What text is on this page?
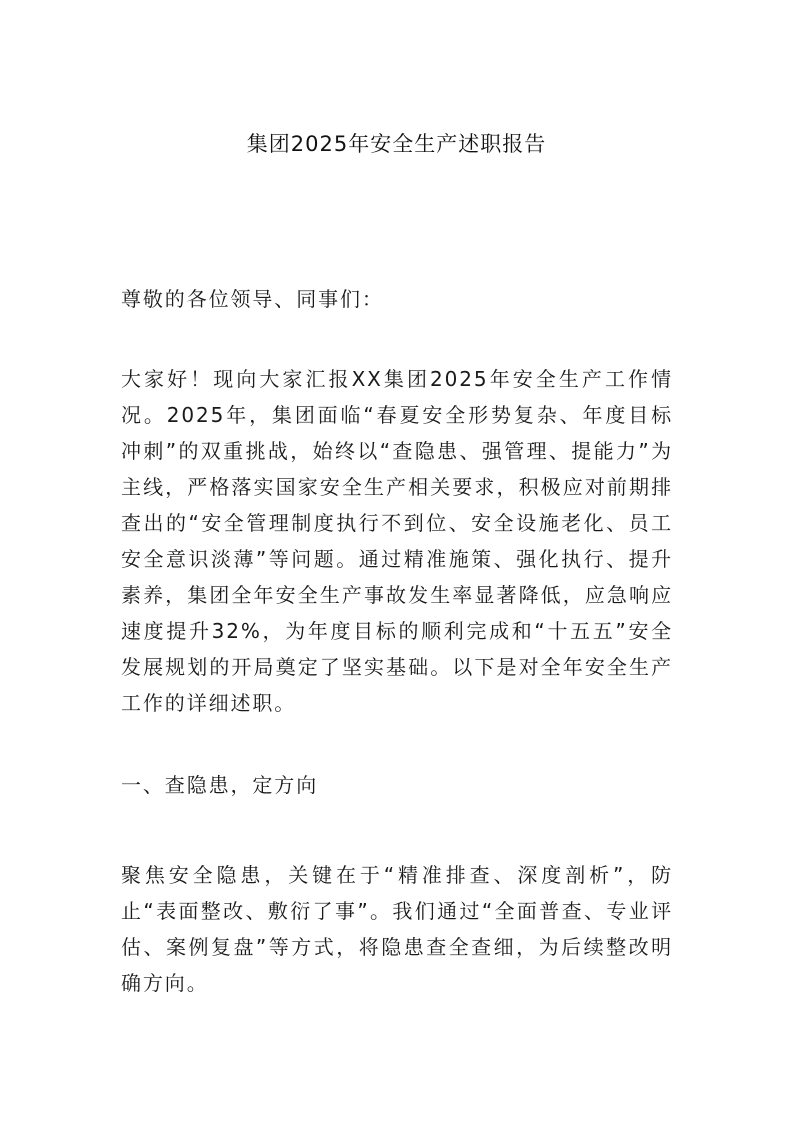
集团2025年安全生产述职报告

尊敬的各位领导、同事们：

大家好！现向大家汇报XX集团2025年安全生产工作情况。2025年，集团面临“春夏安全形势复杂、年度目标冲刺”的双重挑战，始终以“查隐患、强管理、提能力”为主线，严格落实国家安全生产相关要求，积极应对前期排查出的“安全管理制度执行不到位、安全设施老化、员工安全意识淡薄”等问题。通过精准施策、强化执行、提升素养，集团全年安全生产事故发生率显著降低，应急响应速度提升32%，为年度目标的顺利完成和“十五五”安全发展规划的开局奠定了坚实基础。以下是对全年安全生产工作的详细述职。

一、查隐患，定方向

聚焦安全隐患，关键在于“精准排查、深度剖析”，防止“表面整改、敷衍了事”。我们通过“全面普查、专业评估、案例复盘”等方式，将隐患查全查细，为后续整改明确方向。
